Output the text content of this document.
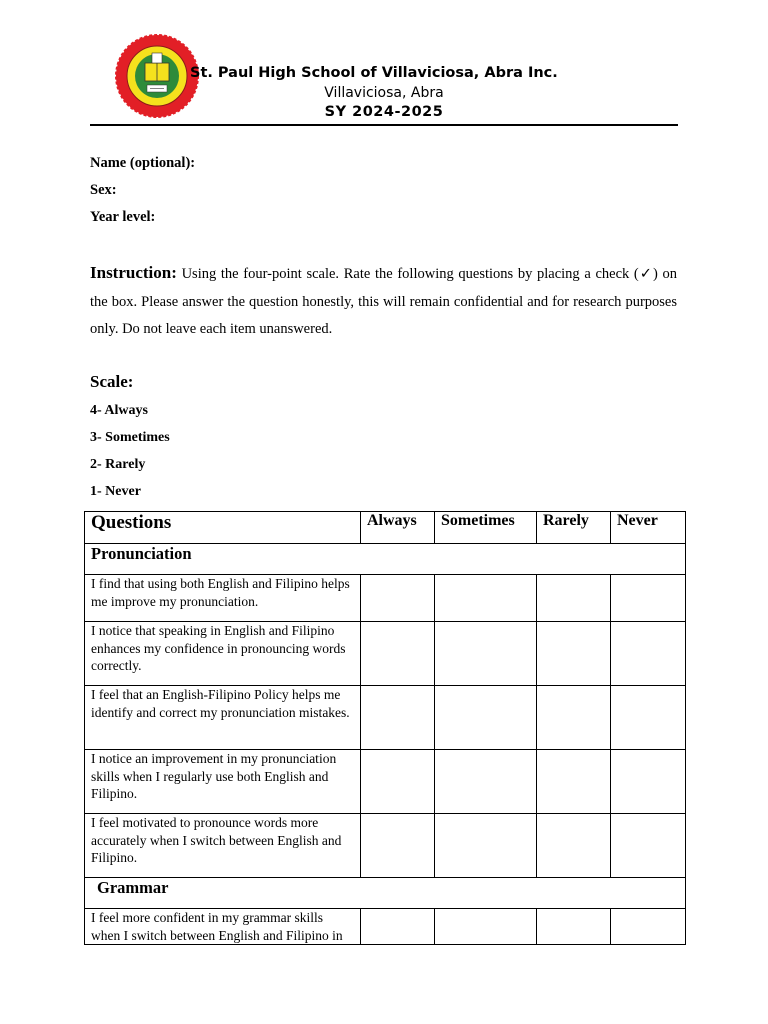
St. Paul High School of Villaviciosa, Abra Inc.
Villaviciosa, Abra
SY 2024-2025
Name (optional):
Sex:
Year level:
Instruction: Using the four-point scale. Rate the following questions by placing a check (✓) on the box. Please answer the question honestly, this will remain confidential and for research purposes only. Do not leave each item unanswered.
Scale:
4- Always
3- Sometimes
2- Rarely
1- Never
Questions	Always	Sometimes	Rarely	Never
Pronunciation				
I find that using both English and Filipino helps me improve my pronunciation.				
I notice that speaking in English and Filipino enhances my confidence in pronouncing words correctly.				
I feel that an English-Filipino Policy helps me identify and correct my pronunciation mistakes.				
I notice an improvement in my pronunciation skills when I regularly use both English and Filipino.				
I feel motivated to pronounce words more accurately when I switch between English and Filipino.				
Grammar				
I feel more confident in my grammar skills when I switch between English and Filipino in				
